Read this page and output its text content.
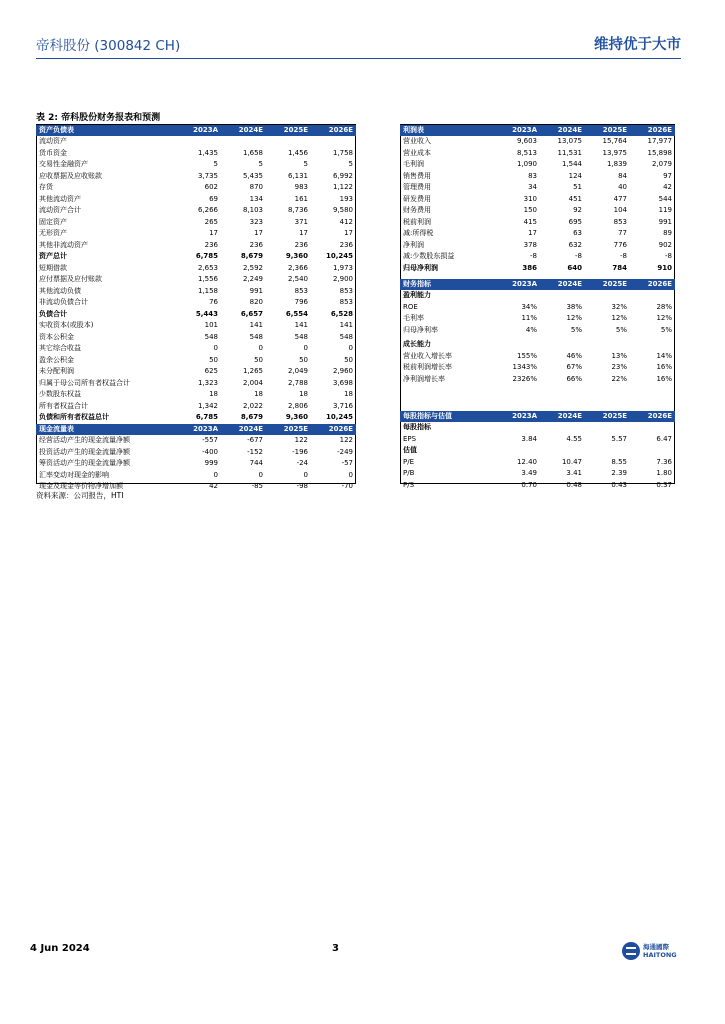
帝科股份 (300842 CH)	维持优于大市
表 2: 帝科股份财务报表和预测
资产负债表	2023A	2024E	2025E	2026E
流动资产				
货币资金	1,435	1,658	1,456	1,758
交易性金融资产	5	5	5	5
应收票据及应收账款	3,735	5,435	6,131	6,992
存货	602	870	983	1,122
其他流动资产	69	134	161	193
流动资产合计	6,266	8,103	8,736	9,580
固定资产	265	323	371	412
无形资产	17	17	17	17
其他非流动资产	236	236	236	236
资产总计	6,785	8,679	9,360	10,245
短期借款	2,653	2,592	2,366	1,973
应付票据及应付账款	1,556	2,249	2,540	2,900
其他流动负债	1,158	991	853	853
非流动负债合计	76	820	796	853
负债合计	5,443	6,657	6,554	6,528
实收资本(或股本)	101	141	141	141
资本公积金	548	548	548	548
其它综合收益	0	0	0	0
盈余公积金	50	50	50	50
未分配利润	625	1,265	2,049	2,960
归属于母公司所有者权益合计	1,323	2,004	2,788	3,698
少数股东权益	18	18	18	18
所有者权益合计	1,342	2,022	2,806	3,716
负债和所有者权益总计	6,785	8,679	9,360	10,245
现金流量表	2023A	2024E	2025E	2026E
经营活动产生的现金流量净额	-557	-677	122	122
投资活动产生的现金流量净额	-400	-152	-196	-249
筹资活动产生的现金流量净额	999	744	-24	-57
汇率变动对现金的影响	0	0	0	0
现金及现金等价物净增加额	42	-85	-98	-70
利润表	2023A	2024E	2025E	2026E
营业收入	9,603	13,075	15,764	17,977
营业成本	8,513	11,531	13,975	15,898
毛利润	1,090	1,544	1,839	2,079
销售费用	83	124	84	97
管理费用	34	51	40	42
研发费用	310	451	477	544
财务费用	150	92	104	119
税前利润	415	695	853	991
减:所得税	17	63	77	89
净利润	378	632	776	902
减:少数股东损益	-8	-8	-8	-8
归母净利润	386	640	784	910
财务指标	2023A	2024E	2025E	2026E
盈利能力				
ROE	34%	38%	32%	28%
毛利率	11%	12%	12%	12%
归母净利率	4%	5%	5%	5%
成长能力				
营业收入增长率	155%	46%	13%	14%
税前利润增长率	1343%	67%	23%	16%
净利润增长率	2326%	66%	22%	16%
每股指标与估值	2023A	2024E	2025E	2026E
每股指标				
EPS	3.84	4.55	5.57	6.47
估值				
P/E	12.40	10.47	8.55	7.36
P/B	3.49	3.41	2.39	1.80
P/S	0.70	0.48	0.43	0.37
资料来源：公司报告，HTI
4 Jun 2024	3	海通國際
HAITONG
